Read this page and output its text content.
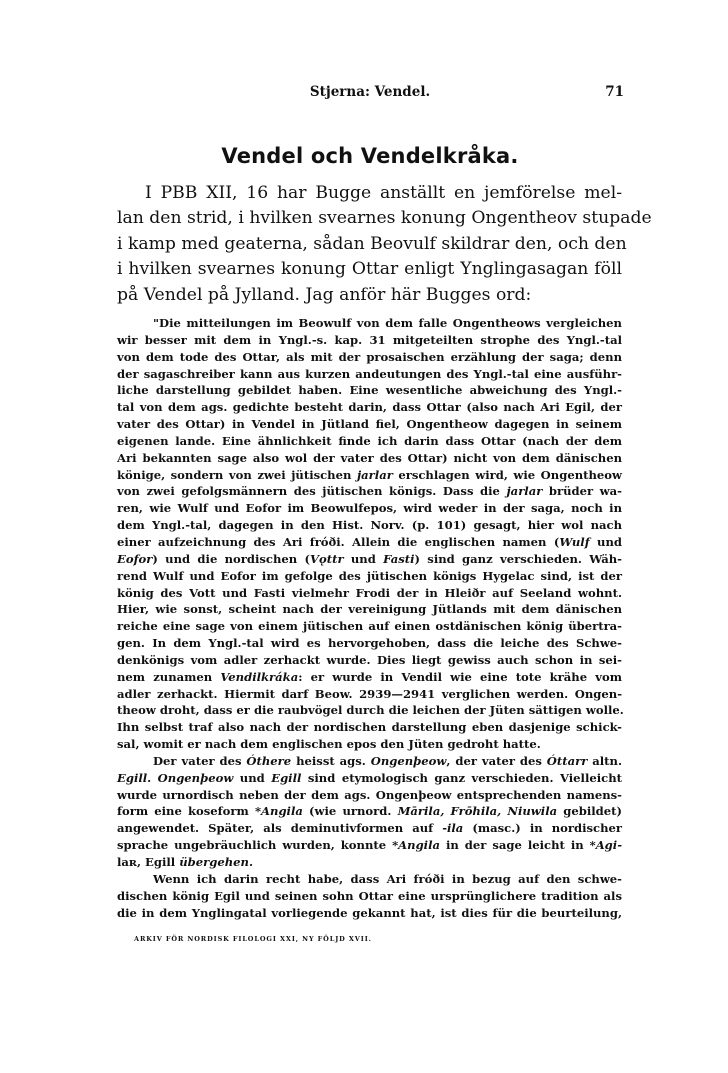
Stjerna: Vendel.	71
Vendel och Vendelkråka.
I PBB XII, 16 har Bugge anställt en jemförelse mel-
lan den strid, i hvilken svearnes konung Ongentheov stupade
i kamp med geaterna, sådan Beovulf skildrar den, och den
i hvilken svearnes konung Ottar enligt Ynglingasagan föll
på Vendel på Jylland. Jag anför här Bugges ord:
"Die mitteilungen im Beowulf von dem falle Ongentheows vergleichen
wir besser mit dem in Yngl.-s. kap. 31 mitgeteilten strophe des Yngl.-tal
von dem tode des Ottar, als mit der prosaischen erzählung der saga; denn
der sagaschreiber kann aus kurzen andeutungen des Yngl.-tal eine ausführ-
liche darstellung gebildet haben. Eine wesentliche abweichung des Yngl.-
tal von dem ags. gedichte besteht darin, dass Ottar (also nach Ari Egil, der
vater des Ottar) in Vendel in Jütland fiel, Ongentheow dagegen in seinem
eigenen lande. Eine ähnlichkeit finde ich darin dass Ottar (nach der dem
Ari bekannten sage also wol der vater des Ottar) nicht von dem dänischen
könige, sondern von zwei jütischen jarlar erschlagen wird, wie Ongentheow
von zwei gefolgsmännern des jütischen königs. Dass die jarlar brüder wa-
ren, wie Wulf und Eofor im Beowulfepos, wird weder in der saga, noch in
dem Yngl.-tal, dagegen in den Hist. Norv. (p. 101) gesagt, hier wol nach
einer aufzeichnung des Ari fróði. Allein die englischen namen (Wulf und
Eofor) und die nordischen (Vǫttr und Fasti) sind ganz verschieden. Wäh-
rend Wulf und Eofor im gefolge des jütischen königs Hygelac sind, ist der
könig des Vott und Fasti vielmehr Frodi der in Hleiðr auf Seeland wohnt.
Hier, wie sonst, scheint nach der vereinigung Jütlands mit dem dänischen
reiche eine sage von einem jütischen auf einen ostdänischen könig übertra-
gen. In dem Yngl.-tal wird es hervorgehoben, dass die leiche des Schwe-
denkönigs vom adler zerhackt wurde. Dies liegt gewiss auch schon in sei-
nem zunamen Vendilkráka: er wurde in Vendil wie eine tote krähe vom
adler zerhackt. Hiermit darf Beow. 2939—2941 verglichen werden. Ongen-
theow droht, dass er die raubvögel durch die leichen der Jüten sättigen wolle.
Ihn selbst traf also nach der nordischen darstellung eben dasjenige schick-
sal, womit er nach dem englischen epos den Jüten gedroht hatte.
Der vater des Óthere heisst ags. Ongenþeow, der vater des Óttarr altn.
Egill. Ongenþeow und Egill sind etymologisch ganz verschieden. Vielleicht
wurde urnordisch neben der dem ags. Ongenþeow entsprechenden namens-
form eine koseform *Angila (wie urnord. Mārila, Frōhila, Niuwila gebildet)
angewendet. Später, als deminutivformen auf -ila (masc.) in nordischer
sprache ungebräuchlich wurden, konnte *Angila in der sage leicht in *Agi-
laʀ, Egill übergehen.
Wenn ich darin recht habe, dass Ari fróði in bezug auf den schwe-
dischen könig Egil und seinen sohn Ottar eine ursprünglichere tradition als
die in dem Ynglingatal vorliegende gekannt hat, ist dies für die beurteilung,
ARKIV FÖR NORDISK FILOLOGI XXI, NY FÖLJD XVII.
